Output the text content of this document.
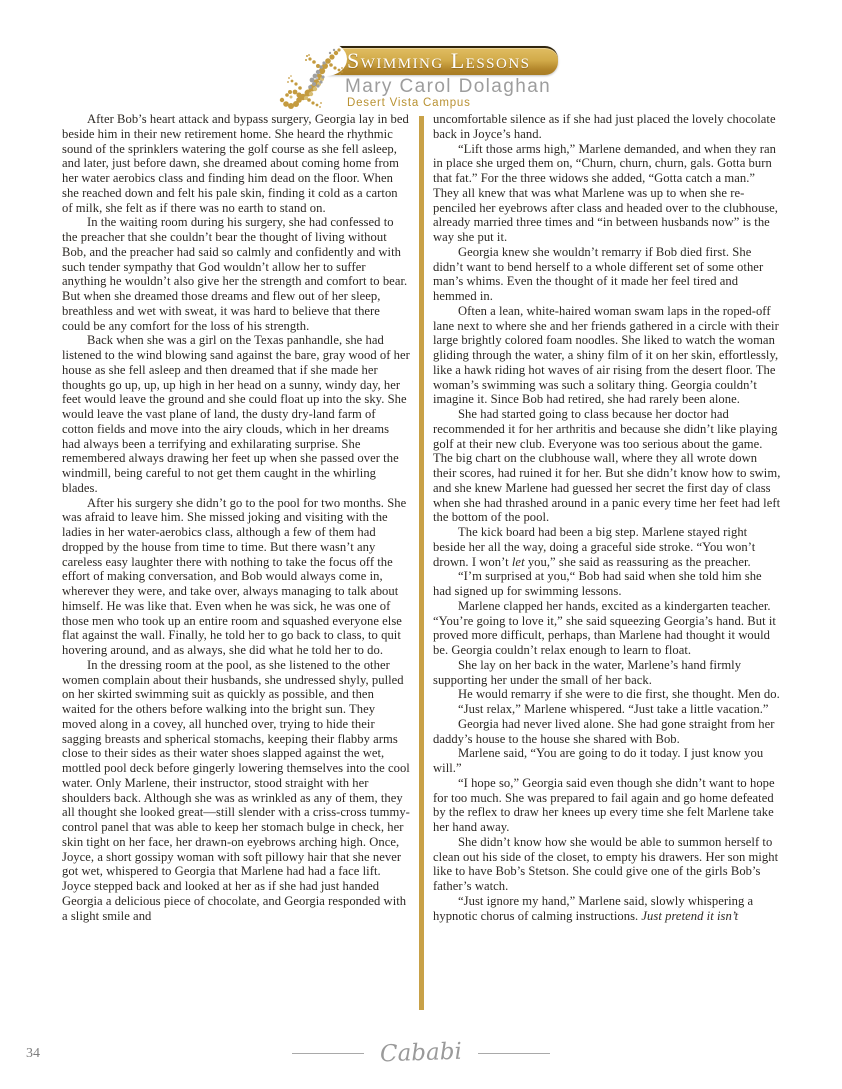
Swimming Lessons
Mary Carol Dolaghan
Desert Vista Campus

After Bob’s heart attack and bypass surgery, Georgia lay in bed beside him in their new retirement home. She heard the rhythmic sound of the sprinklers watering the golf course as she fell asleep, and later, just before dawn, she dreamed about coming home from her water aerobics class and finding him dead on the floor. When she reached down and felt his pale skin, finding it cold as a carton of milk, she felt as if there was no earth to stand on.

In the waiting room during his surgery, she had confessed to the preacher that she couldn’t bear the thought of living without Bob, and the preacher had said so calmly and confidently and with such tender sympathy that God wouldn’t allow her to suffer anything he wouldn’t also give her the strength and comfort to bear. But when she dreamed those dreams and flew out of her sleep, breathless and wet with sweat, it was hard to believe that there could be any comfort for the loss of his strength.

Back when she was a girl on the Texas panhandle, she had listened to the wind blowing sand against the bare, gray wood of her house as she fell asleep and then dreamed that if she made her thoughts go up, up, up high in her head on a sunny, windy day, her feet would leave the ground and she could float up into the sky. She would leave the vast plane of land, the dusty dry-land farm of cotton fields and move into the airy clouds, which in her dreams had always been a terrifying and exhilarating surprise. She remembered always drawing her feet up when she passed over the windmill, being careful to not get them caught in the whirling blades.

After his surgery she didn’t go to the pool for two months. She was afraid to leave him. She missed joking and visiting with the ladies in her water-aerobics class, although a few of them had dropped by the house from time to time. But there wasn’t any careless easy laughter there with nothing to take the focus off the effort of making conversation, and Bob would always come in, wherever they were, and take over, always managing to talk about himself. He was like that. Even when he was sick, he was one of those men who took up an entire room and squashed everyone else flat against the wall. Finally, he told her to go back to class, to quit hovering around, and as always, she did what he told her to do.

In the dressing room at the pool, as she listened to the other women complain about their husbands, she undressed shyly, pulled on her skirted swimming suit as quickly as possible, and then waited for the others before walking into the bright sun. They moved along in a covey, all hunched over, trying to hide their sagging breasts and spherical stomachs, keeping their flabby arms close to their sides as their water shoes slapped against the wet, mottled pool deck before gingerly lowering themselves into the cool water. Only Marlene, their instructor, stood straight with her shoulders back. Although she was as wrinkled as any of them, they all thought she looked great—still slender with a criss-cross tummy-control panel that was able to keep her stomach bulge in check, her skin tight on her face, her drawn-on eyebrows arching high. Once, Joyce, a short gossipy woman with soft pillowy hair that she never got wet, whispered to Georgia that Marlene had had a face lift. Joyce stepped back and looked at her as if she had just handed Georgia a delicious piece of chocolate, and Georgia responded with a slight smile and

uncomfortable silence as if she had just placed the lovely chocolate back in Joyce’s hand.

“Lift those arms high,” Marlene demanded, and when they ran in place she urged them on, “Churn, churn, churn, gals. Gotta burn that fat.” For the three widows she added, “Gotta catch a man.” They all knew that was what Marlene was up to when she re-penciled her eyebrows after class and headed over to the clubhouse, already married three times and “in between husbands now” is the way she put it.

Georgia knew she wouldn’t remarry if Bob died first. She didn’t want to bend herself to a whole different set of some other man’s whims. Even the thought of it made her feel tired and hemmed in.

Often a lean, white-haired woman swam laps in the roped-off lane next to where she and her friends gathered in a circle with their large brightly colored foam noodles. She liked to watch the woman gliding through the water, a shiny film of it on her skin, effortlessly, like a hawk riding hot waves of air rising from the desert floor. The woman’s swimming was such a solitary thing. Georgia couldn’t imagine it. Since Bob had retired, she had rarely been alone.

She had started going to class because her doctor had recommended it for her arthritis and because she didn’t like playing golf at their new club. Everyone was too serious about the game. The big chart on the clubhouse wall, where they all wrote down their scores, had ruined it for her. But she didn’t know how to swim, and she knew Marlene had guessed her secret the first day of class when she had thrashed around in a panic every time her feet had left the bottom of the pool.

The kick board had been a big step. Marlene stayed right beside her all the way, doing a graceful side stroke. “You won’t drown. I won’t let you,” she said as reassuring as the preacher.

“I’m surprised at you,“ Bob had said when she told him she had signed up for swimming lessons.

Marlene clapped her hands, excited as a kindergarten teacher. “You’re going to love it,” she said squeezing Georgia’s hand. But it proved more difficult, perhaps, than Marlene had thought it would be. Georgia couldn’t relax enough to learn to float.

She lay on her back in the water, Marlene’s hand firmly supporting her under the small of her back.

He would remarry if she were to die first, she thought. Men do.

“Just relax,” Marlene whispered. “Just take a little vacation.”

Georgia had never lived alone. She had gone straight from her daddy’s house to the house she shared with Bob.

Marlene said, “You are going to do it today. I just know you will.”

“I hope so,” Georgia said even though she didn’t want to hope for too much. She was prepared to fail again and go home defeated by the reflex to draw her knees up every time she felt Marlene take her hand away.

She didn’t know how she would be able to summon herself to clean out his side of the closet, to empty his drawers. Her son might like to have Bob’s Stetson. She could give one of the girls Bob’s father’s watch.

“Just ignore my hand,” Marlene said, slowly whispering a hypnotic chorus of calming instructions. Just pretend it isn’t

34	Cababi
